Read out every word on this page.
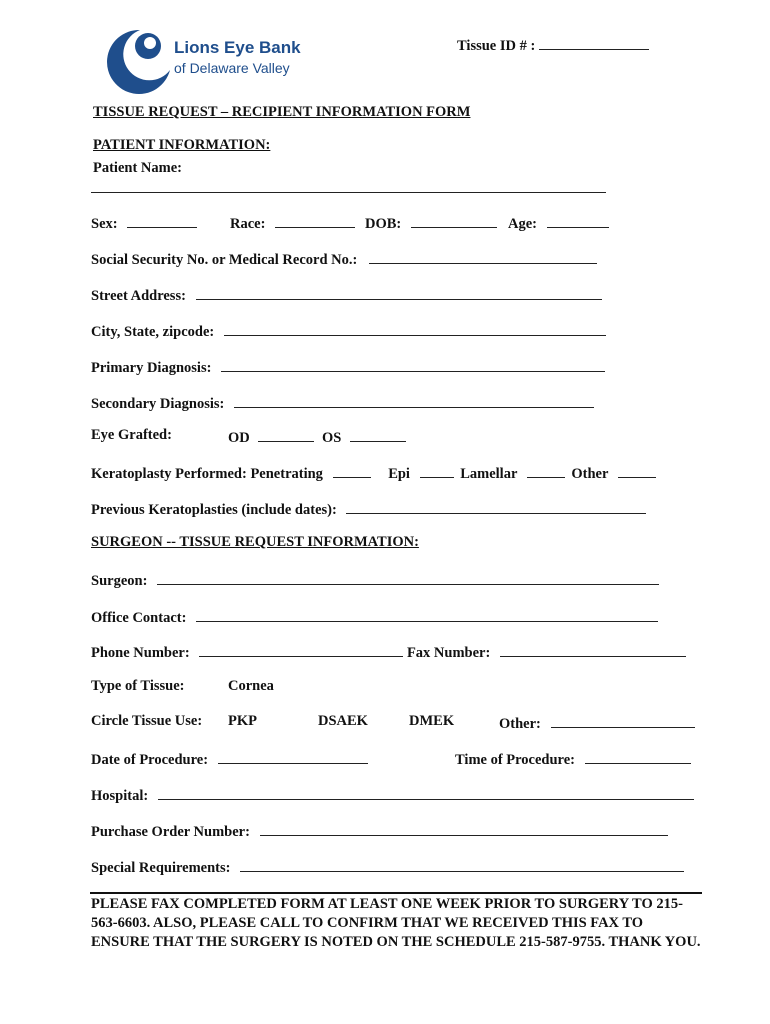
Lions Eye Bank
of Delaware Valley
Tissue ID # :
TISSUE REQUEST – RECIPIENT INFORMATION FORM
PATIENT INFORMATION:
Patient Name:
Sex:	Race:	DOB:	Age:
Social Security No. or Medical Record No.:
Street Address:
City, State, zipcode:
Primary Diagnosis:
Secondary Diagnosis:
Eye Grafted:	OD	OS
Keratoplasty Performed: Penetrating	Epi	Lamellar	Other
Previous Keratoplasties (include dates):
SURGEON -- TISSUE REQUEST INFORMATION:
Surgeon:
Office Contact:
Phone Number:	Fax Number:
Type of Tissue:	Cornea
Circle Tissue Use: PKP	DSAEK	DMEK	Other:
Date of Procedure:	Time of Procedure:
Hospital:
Purchase Order Number:
Special Requirements:
PLEASE FAX COMPLETED FORM AT LEAST ONE WEEK PRIOR TO SURGERY TO 215-563-6603. ALSO, PLEASE CALL TO CONFIRM THAT WE RECEIVED THIS FAX TO ENSURE THAT THE SURGERY IS NOTED ON THE SCHEDULE 215-587-9755. THANK YOU.
